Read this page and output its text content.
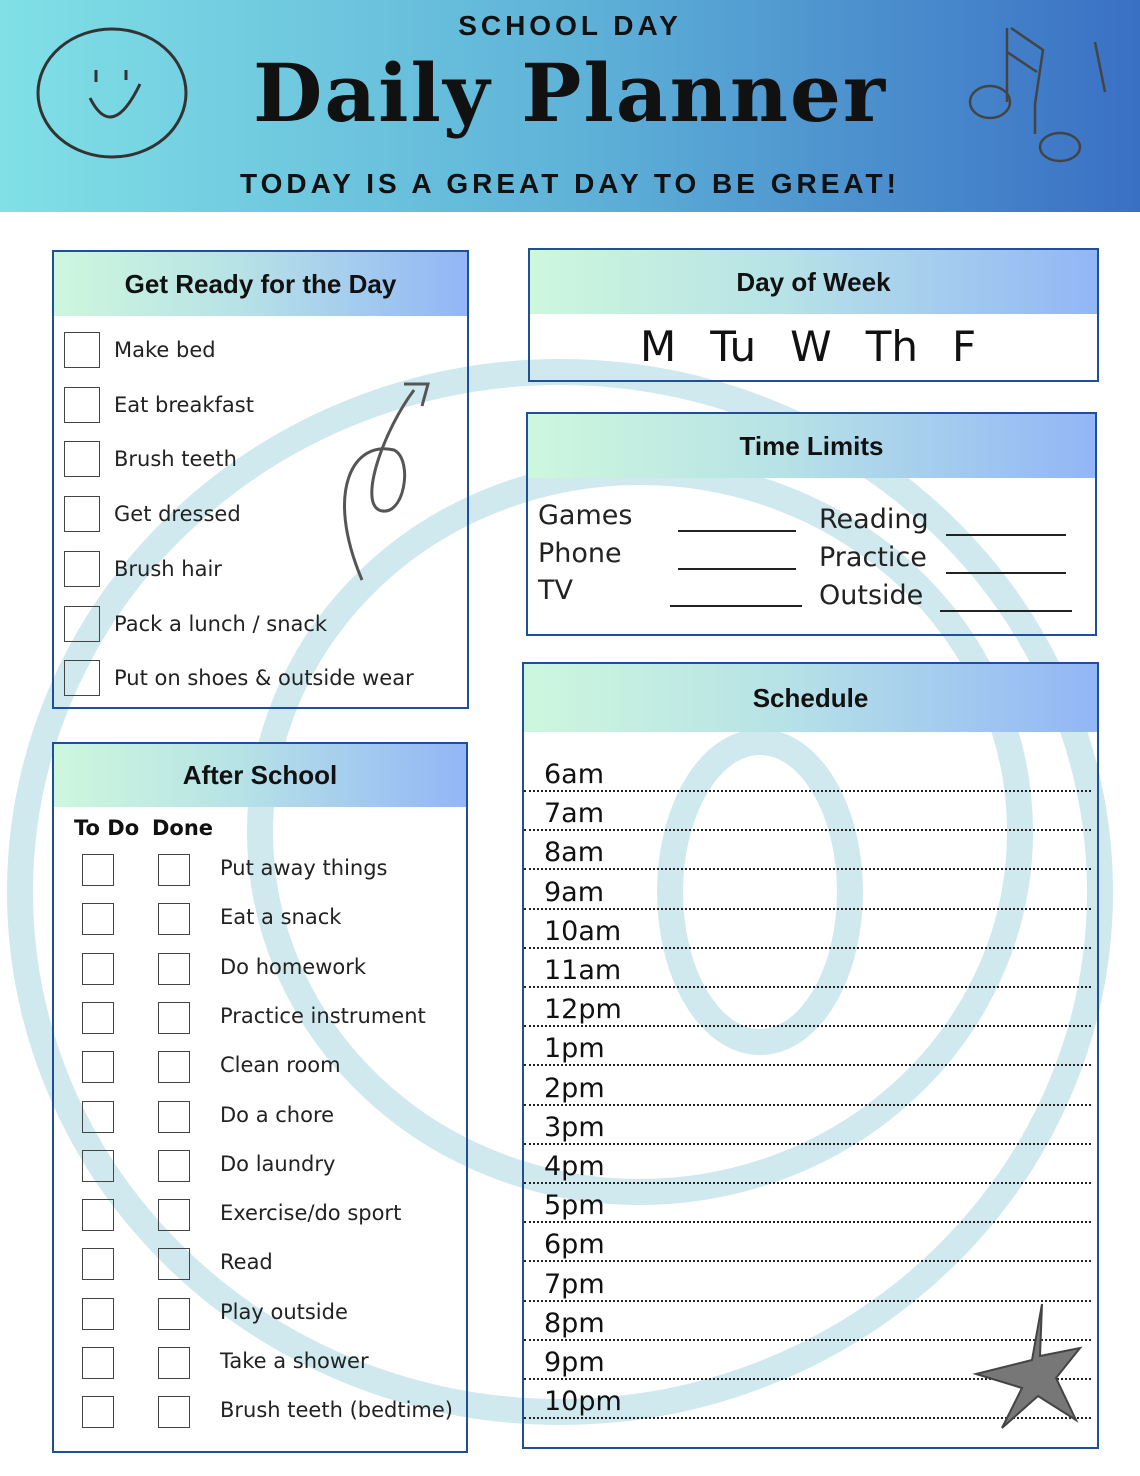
SCHOOL DAY
Daily Planner
TODAY IS A GREAT DAY TO BE GREAT!
Get Ready for the Day
Make bed
Eat breakfast
Brush teeth
Get dressed
Brush hair
Pack a lunch / snack
Put on shoes & outside wear
Day of Week
M Tu W Th F
Time Limits
Games
Phone
TV
Reading
Practice
Outside
Schedule
6am
7am
8am
9am
10am
11am
12pm
1pm
2pm
3pm
4pm
5pm
6pm
7pm
8pm
9pm
10pm
After School
To Do Done
Put away things
Eat a snack
Do homework
Practice instrument
Clean room
Do a chore
Do laundry
Exercise/do sport
Read
Play outside
Take a shower
Brush teeth (bedtime)
